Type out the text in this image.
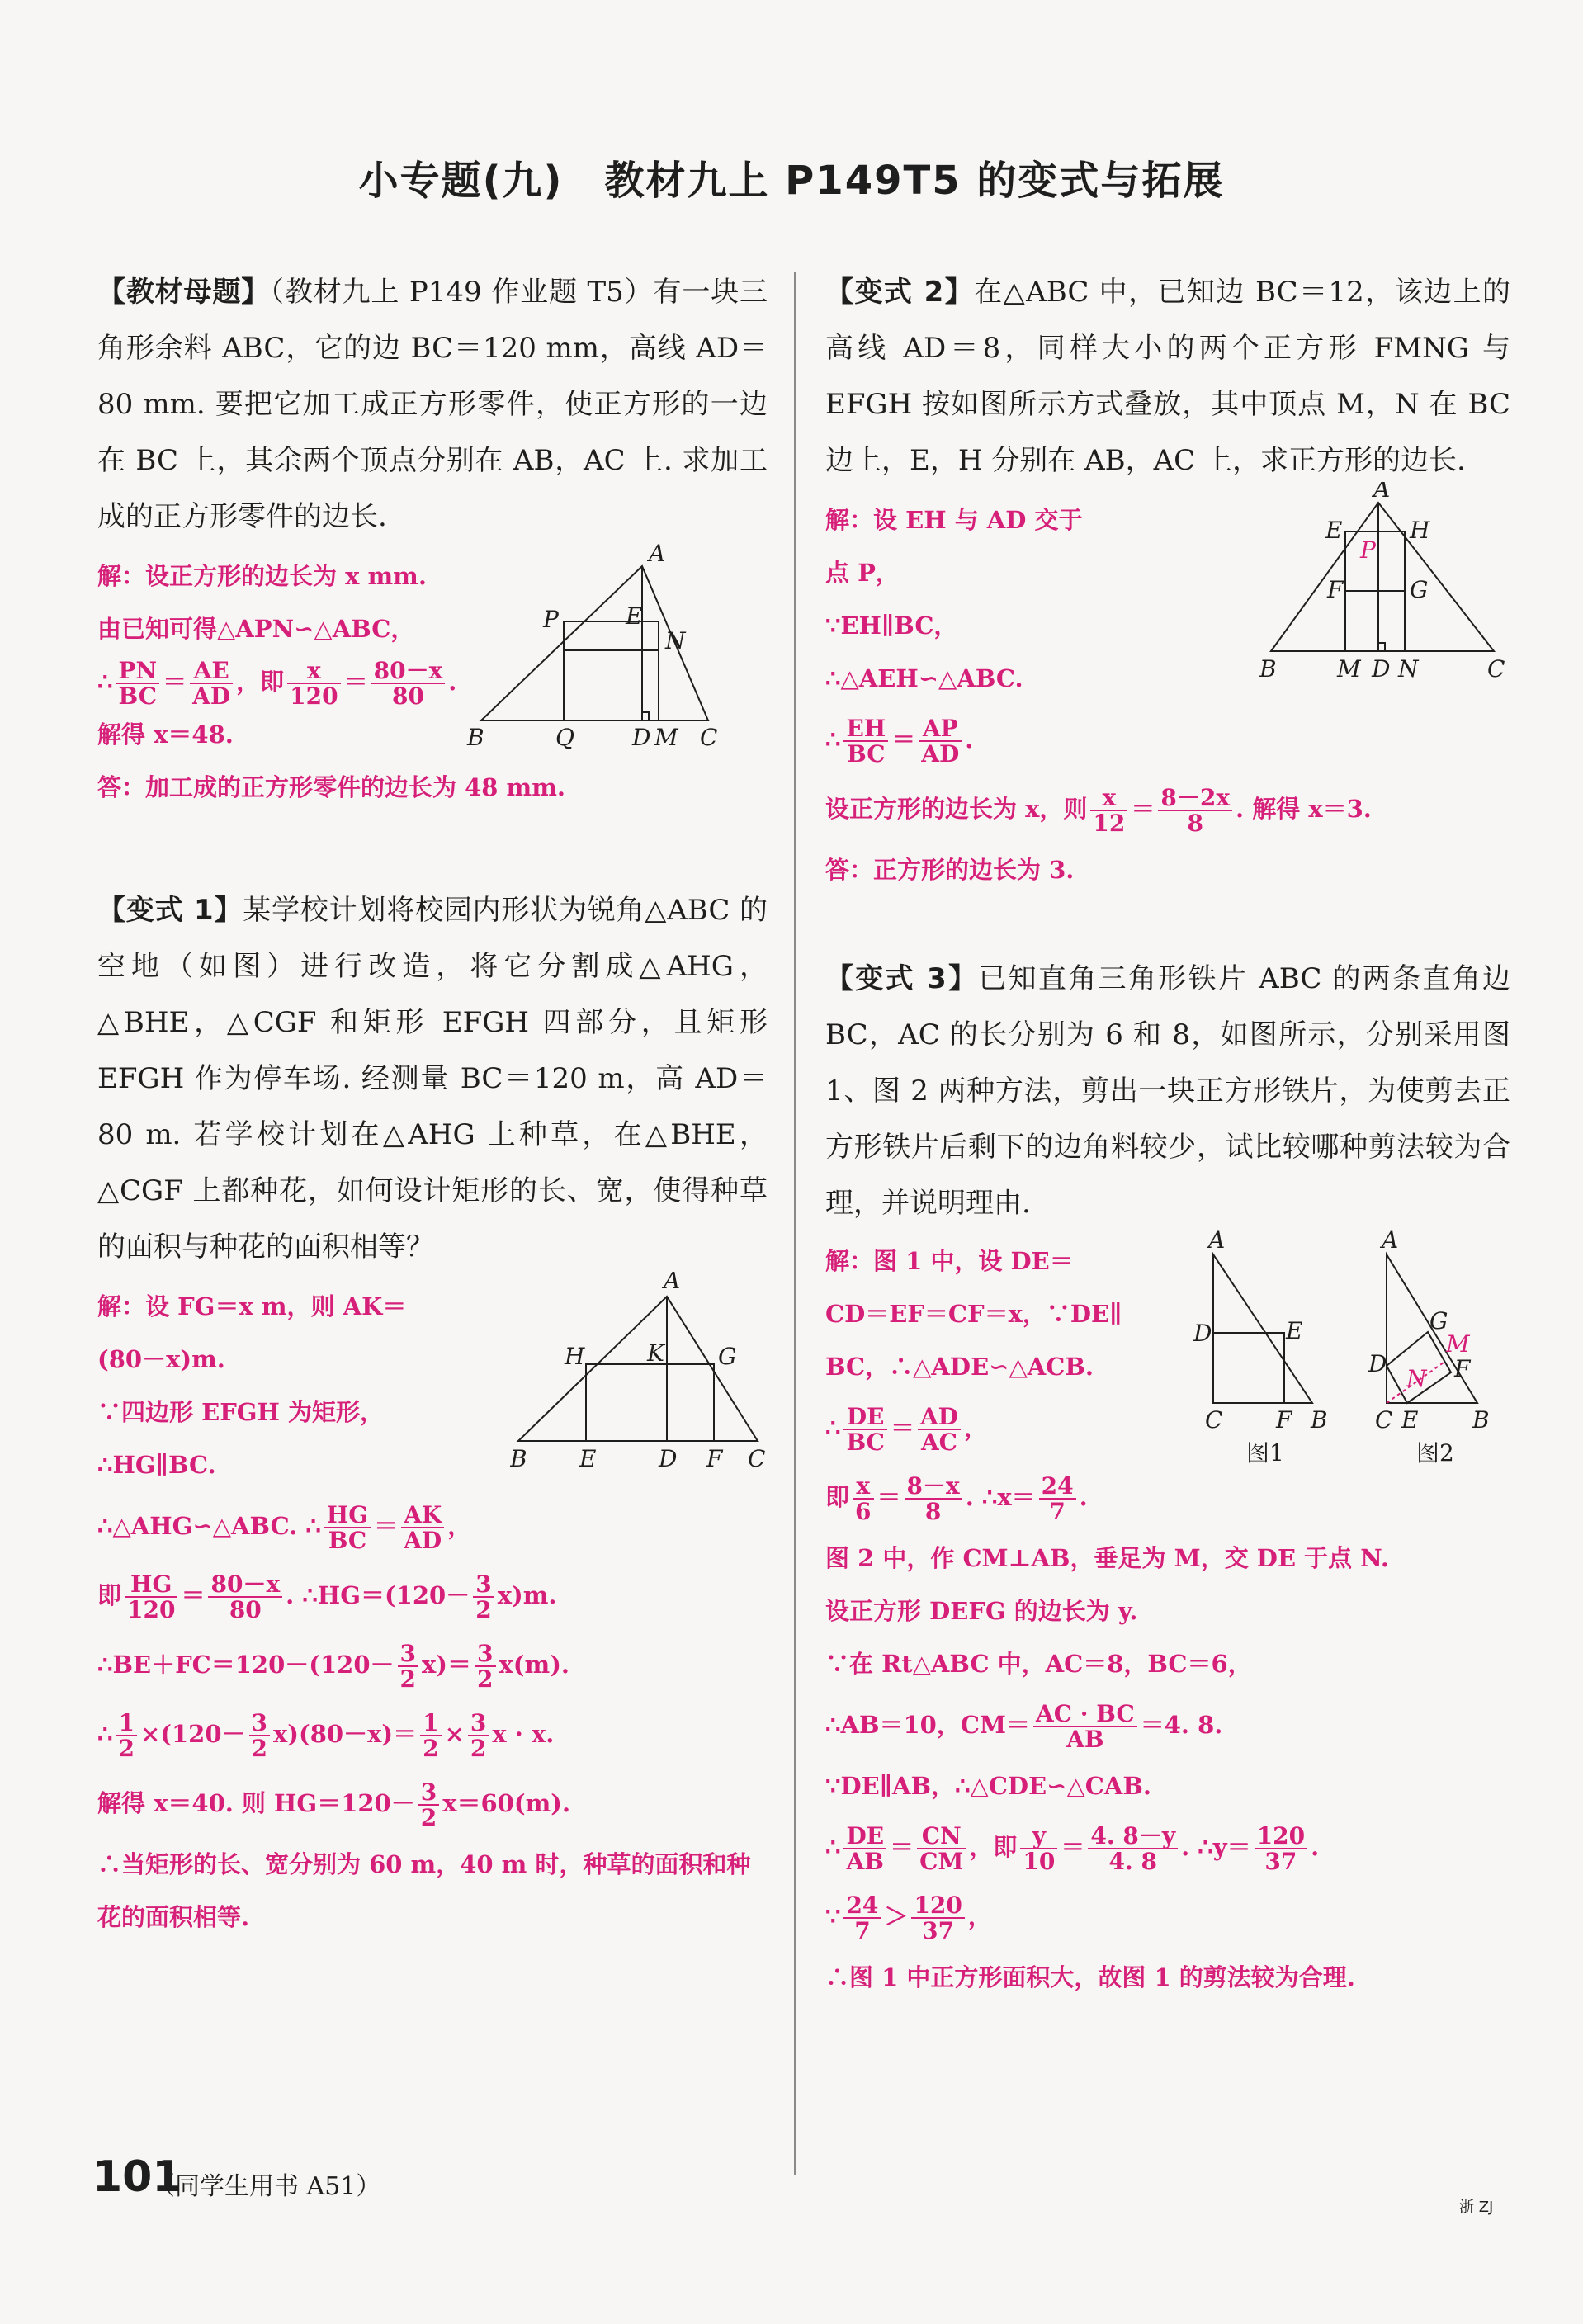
小专题(九)　教材九上 P149T5 的变式与拓展

【教材母题】（教材九上 P149 作业题 T5）有一块三角形余料 ABC，它的边 BC＝120 mm，高线 AD＝80 mm. 要把它加工成正方形零件，使正方形的一边在 BC 上，其余两个顶点分别在 AB，AC 上. 求加工成的正方形零件的边长.

解：设正方形的边长为 x mm.

由已知可得△APN∽△ABC，

∴ $\frac{PN}{BC} = \frac{AE}{AD}$ ，即 $\frac{x}{120} = \frac{80-x}{80}$ .

解得 x＝48.

答：加工成的正方形零件的边长为 48 mm.

A
P	E
N
B	Q	D M C

【变式 1】某学校计划将校园内形状为锐角△ABC 的空地（如图）进行改造，将它分割成△AHG，△BHE，△CGF 和矩形 EFGH 四部分，且矩形 EFGH 作为停车场. 经测量 BC＝120 m，高 AD＝80 m. 若学校计划在△AHG 上种草，在△BHE，△CGF 上都种花，如何设计矩形的长、宽，使得种草的面积与种花的面积相等？

解：设 FG＝x m，则 AK＝

(80－x)m.

∵四边形 EFGH 为矩形，

∴HG∥BC.

∴△AHG∽△ABC. ∴ $\frac{HG}{BC} = \frac{AK}{AD}$ ，

即 $\frac{HG}{120} = \frac{80-x}{80}$ . ∴HG＝(120－ $\frac{3}{2} x)m$.

∴BE＋FC＝120－(120－ $\frac{3}{2} x)= \frac{3}{2} x(m)$.

∴ $\frac{1}{2} \times(120- \frac{3}{2} x)(80-x)= \frac{1}{2} \times \frac{3}{2}$ x · x.

解得 x＝40. 则 $HG=120- \frac{3}{2} x=60(m)$.

∴当矩形的长、宽分别为 60 m，40 m 时，种草的面积和种花的面积相等.

A
H	K G
B E	D F C

【变式 2】在△ABC 中，已知边 BC＝12，该边上的高线 AD＝8，同样大小的两个正方形 FMNG 与 EFGH 按如图所示方式叠放，其中顶点 M，N 在 BC 边上，E，H 分别在 AB，AC 上，求正方形的边长.

解：设 EH 与 AD 交于

点 P，

∵EH∥BC，

∴△AEH∽△ABC.

∴ $\frac{EH}{BC} = \frac{AP}{AD}$ .

设正方形的边长为 x，则 $\frac{x}{12} = \frac{8-2x}{8}$ . 解得 x＝3.

答：正方形的边长为 3.

A
E	H
P
F	G
B	M D N	C

【变式 3】已知直角三角形铁片 ABC 的两条直角边 BC，AC 的长分别为 6 和 8，如图所示，分别采用图 1、图 2 两种方法，剪出一块正方形铁片，为使剪去正方形铁片后剩下的边角料较少，试比较哪种剪法较为合理，并说明理由.

解：图 1 中，设 DE＝

CD＝EF＝CF＝x，∵DE∥

BC，∴△ADE∽△ACB.

∴ $\frac{DE}{BC} = \frac{AD}{AC}$ ，

即 $\frac{x}{6} = \frac{8-x}{8}$ . ∴x＝ $\frac{24}{7}$ .

图 2 中，作 CM⊥AB，垂足为 M，交 DE 于点 N.

设正方形 DEFG 的边长为 y.

∵在 Rt△ABC 中，AC＝8，BC＝6，

∴AB＝10，$CM= \frac{AC \cdot BC}{AB} =4$. 8.

∵DE∥AB，∴△CDE∽△CAB.

∴ $\frac{DE}{AB} = \frac{CN}{CM}$ ，即 $\frac{y}{10} = \frac{4. 8-y}{4. 8}$ . ∴y＝ $\frac{120}{37}$ .

∵ $\frac{24}{7} > \frac{120}{37}$ ，

∴图 1 中正方形面积大，故图 1 的剪法较为合理.

A
D	E
C F B
A
G
M
D
N F
C E B
图1	图2
101
（同学生用书 A51）
浙 ZJ
